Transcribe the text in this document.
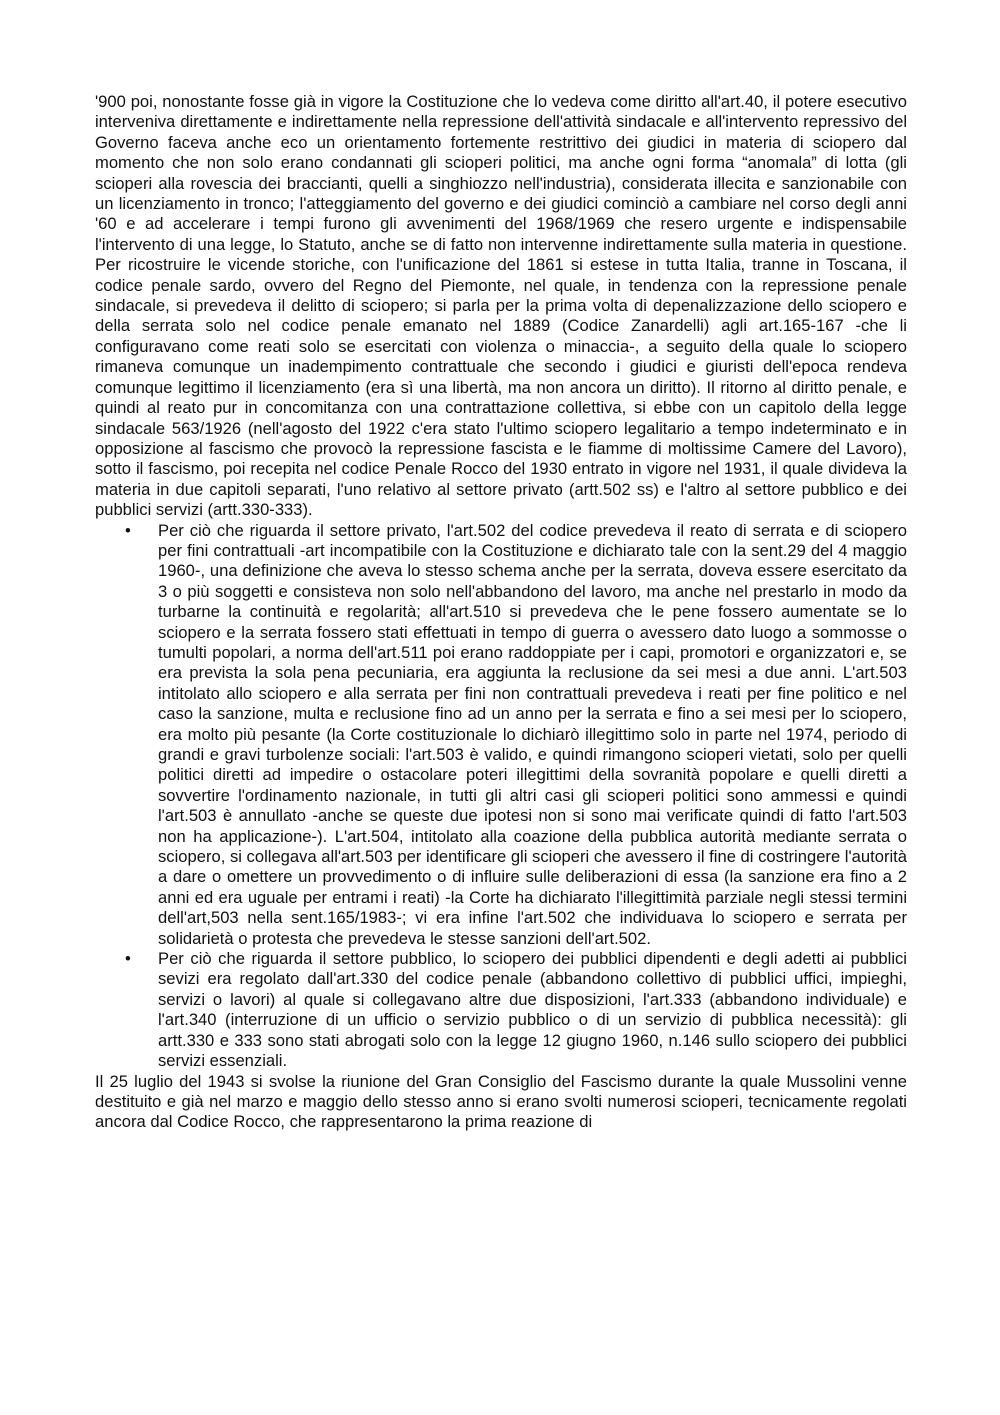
'900 poi, nonostante fosse già in vigore la Costituzione che lo vedeva come diritto all'art.40, il potere esecutivo interveniva direttamente e indirettamente nella repressione dell'attività sindacale e all'intervento repressivo del Governo faceva anche eco un orientamento fortemente restrittivo dei giudici in materia di sciopero dal momento che non solo erano condannati gli scioperi politici, ma anche ogni forma “anomala” di lotta (gli scioperi alla rovescia dei braccianti, quelli a singhiozzo nell'industria), considerata illecita e sanzionabile con un licenziamento in tronco; l'atteggiamento del governo e dei giudici cominciò a cambiare nel corso degli anni '60 e ad accelerare i tempi furono gli avvenimenti del 1968/1969 che resero urgente e indispensabile l'intervento di una legge, lo Statuto, anche se di fatto non intervenne indirettamente sulla materia in questione. Per ricostruire le vicende storiche, con l'unificazione del 1861 si estese in tutta Italia, tranne in Toscana, il codice penale sardo, ovvero del Regno del Piemonte, nel quale, in tendenza con la repressione penale sindacale, si prevedeva il delitto di sciopero; si parla per la prima volta di depenalizzazione dello sciopero e della serrata solo nel codice penale emanato nel 1889 (Codice Zanardelli) agli art.165-167 -che li configuravano come reati solo se esercitati con violenza o minaccia-, a seguito della quale lo sciopero rimaneva comunque un inadempimento contrattuale che secondo i giudici e giuristi dell'epoca rendeva comunque legittimo il licenziamento (era sì una libertà, ma non ancora un diritto). Il ritorno al diritto penale, e quindi al reato pur in concomitanza con una contrattazione collettiva, si ebbe con un capitolo della legge sindacale 563/1926 (nell'agosto del 1922 c'era stato l'ultimo sciopero legalitario a tempo indeterminato e in opposizione al fascismo che provocò la repressione fascista e le fiamme di moltissime Camere del Lavoro), sotto il fascismo, poi recepita nel codice Penale Rocco del 1930 entrato in vigore nel 1931, il quale divideva la materia in due capitoli separati, l'uno relativo al settore privato (artt.502 ss) e l'altro al settore pubblico e dei pubblici servizi (artt.330-333).

• Per ciò che riguarda il settore privato, l'art.502 del codice prevedeva il reato di serrata e di sciopero per fini contrattuali -art incompatibile con la Costituzione e dichiarato tale con la sent.29 del 4 maggio 1960-, una definizione che aveva lo stesso schema anche per la serrata, doveva essere esercitato da 3 o più soggetti e consisteva non solo nell'abbandono del lavoro, ma anche nel prestarlo in modo da turbarne la continuità e regolarità; all'art.510 si prevedeva che le pene fossero aumentate se lo sciopero e la serrata fossero stati effettuati in tempo di guerra o avessero dato luogo a sommosse o tumulti popolari, a norma dell'art.511 poi erano raddoppiate per i capi, promotori e organizzatori e, se era prevista la sola pena pecuniaria, era aggiunta la reclusione da sei mesi a due anni. L'art.503 intitolato allo sciopero e alla serrata per fini non contrattuali prevedeva i reati per fine politico e nel caso la sanzione, multa e reclusione fino ad un anno per la serrata e fino a sei mesi per lo sciopero, era molto più pesante (la Corte costituzionale lo dichiarò illegittimo solo in parte nel 1974, periodo di grandi e gravi turbolenze sociali: l'art.503 è valido, e quindi rimangono scioperi vietati, solo per quelli politici diretti ad impedire o ostacolare poteri illegittimi della sovranità popolare e quelli diretti a sovvertire l'ordinamento nazionale, in tutti gli altri casi gli scioperi politici sono ammessi e quindi l'art.503 è annullato -anche se queste due ipotesi non si sono mai verificate quindi di fatto l'art.503 non ha applicazione-). L'art.504, intitolato alla coazione della pubblica autorità mediante serrata o sciopero, si collegava all'art.503 per identificare gli scioperi che avessero il fine di costringere l'autorità a dare o omettere un provvedimento o di influire sulle deliberazioni di essa (la sanzione era fino a 2 anni ed era uguale per entrami i reati) -la Corte ha dichiarato l'illegittimità parziale negli stessi termini dell'art,503 nella sent.165/1983-; vi era infine l'art.502 che individuava lo sciopero e serrata per solidarietà o protesta che prevedeva le stesse sanzioni dell'art.502.
• Per ciò che riguarda il settore pubblico, lo sciopero dei pubblici dipendenti e degli adetti ai pubblici sevizi era regolato dall'art.330 del codice penale (abbandono collettivo di pubblici uffici, impieghi, servizi o lavori) al quale si collegavano altre due disposizioni, l'art.333 (abbandono individuale) e l'art.340 (interruzione di un ufficio o servizio pubblico o di un servizio di pubblica necessità): gli artt.330 e 333 sono stati abrogati solo con la legge 12 giugno 1960, n.146 sullo sciopero dei pubblici servizi essenziali.

Il 25 luglio del 1943 si svolse la riunione del Gran Consiglio del Fascismo durante la quale Mussolini venne destituito e già nel marzo e maggio dello stesso anno si erano svolti numerosi scioperi, tecnicamente regolati ancora dal Codice Rocco, che rappresentarono la prima reazione di
